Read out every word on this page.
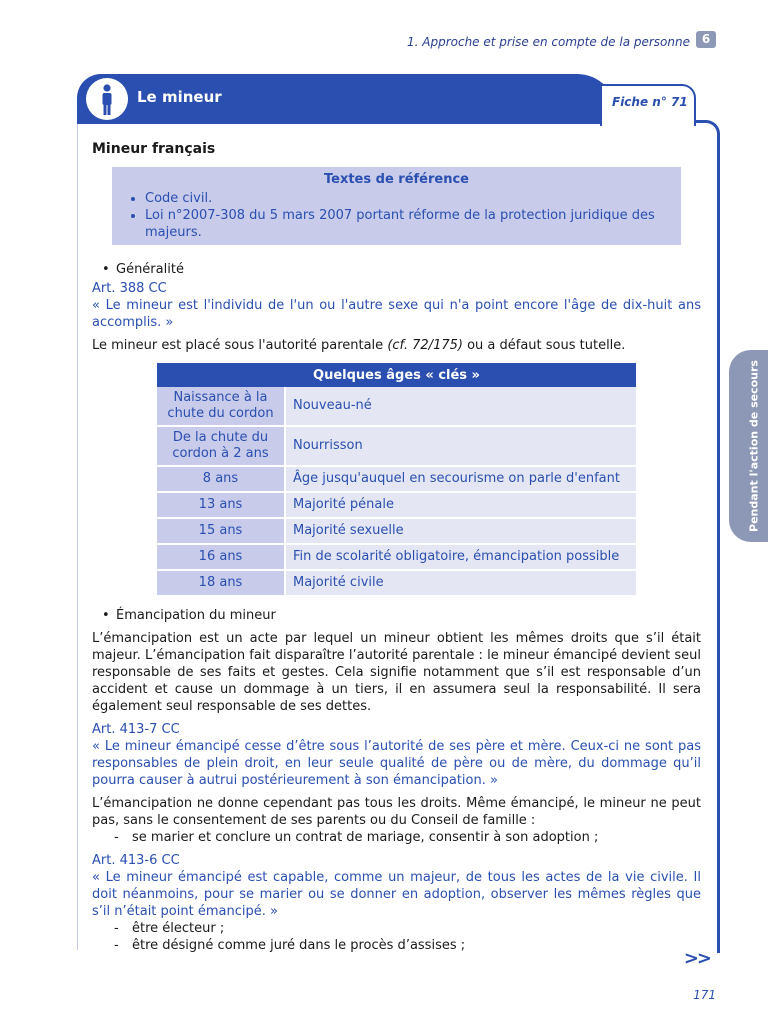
1. Approche et prise en compte de la personne 6
Le mineur	Fiche n° 71
Pendant l'action de secours
Mineur français
Textes de référence
• Code civil.
• Loi n°2007-308 du 5 mars 2007 portant réforme de la protection juridique des majeurs.
• Généralité

Art. 388 CC

« Le mineur est l'individu de l'un ou l'autre sexe qui n'a point encore l'âge de dix-huit ans accomplis. »

Le mineur est placé sous l'autorité parentale (cf. 72/175) ou a défaut sous tutelle.

Quelques âges « clés »	
Naissance à la chute du cordon	Nouveau-né
De la chute du cordon à 2 ans	Nourrisson
8 ans	Âge jusqu'auquel en secourisme on parle d'enfant
13 ans	Majorité pénale
15 ans	Majorité sexuelle
16 ans	Fin de scolarité obligatoire, émancipation possible
18 ans	Majorité civile
• Émancipation du mineur

L’émancipation est un acte par lequel un mineur obtient les mêmes droits que s’il était majeur. L’émancipation fait disparaître l’autorité parentale : le mineur émancipé devient seul responsable de ses faits et gestes. Cela signifie notamment que s’il est responsable d’un accident et cause un dommage à un tiers, il en assumera seul la responsabilité. Il sera également seul responsable de ses dettes.

Art. 413-7 CC

« Le mineur émancipé cesse d’être sous l’autorité de ses père et mère. Ceux-ci ne sont pas responsables de plein droit, en leur seule qualité de père ou de mère, du dommage qu’il pourra causer à autrui postérieurement à son émancipation. »

L’émancipation ne donne cependant pas tous les droits. Même émancipé, le mineur ne peut pas, sans le consentement de ses parents ou du Conseil de famille :

- se marier et conclure un contrat de mariage, consentir à son adoption ;

Art. 413-6 CC

« Le mineur émancipé est capable, comme un majeur, de tous les actes de la vie civile. Il doit néanmoins, pour se marier ou se donner en adoption, observer les mêmes règles que s’il n’était point émancipé. »

- être électeur ;

- être désigné comme juré dans le procès d’assises ;

>>
171
